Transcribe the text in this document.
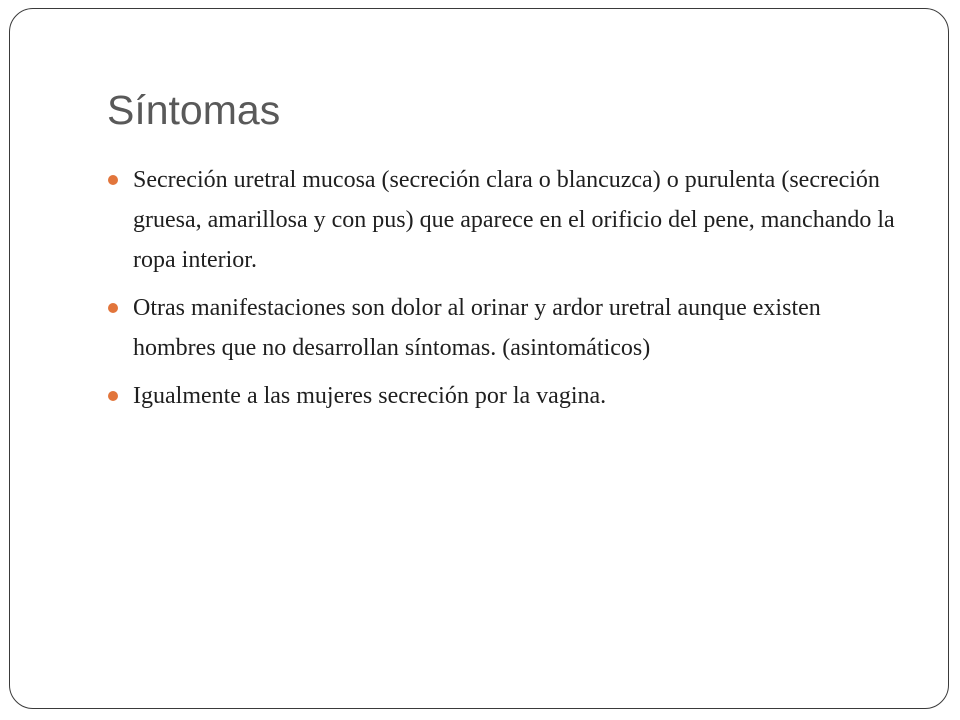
Síntomas
Secreción uretral mucosa (secreción clara o blancuzca) o purulenta (secreción gruesa, amarillosa y con pus) que aparece en el orificio del pene, manchando la ropa interior.
Otras manifestaciones son dolor al orinar y ardor uretral aunque existen hombres que no desarrollan síntomas. (asintomáticos)
Igualmente a las mujeres secreción por la vagina.
